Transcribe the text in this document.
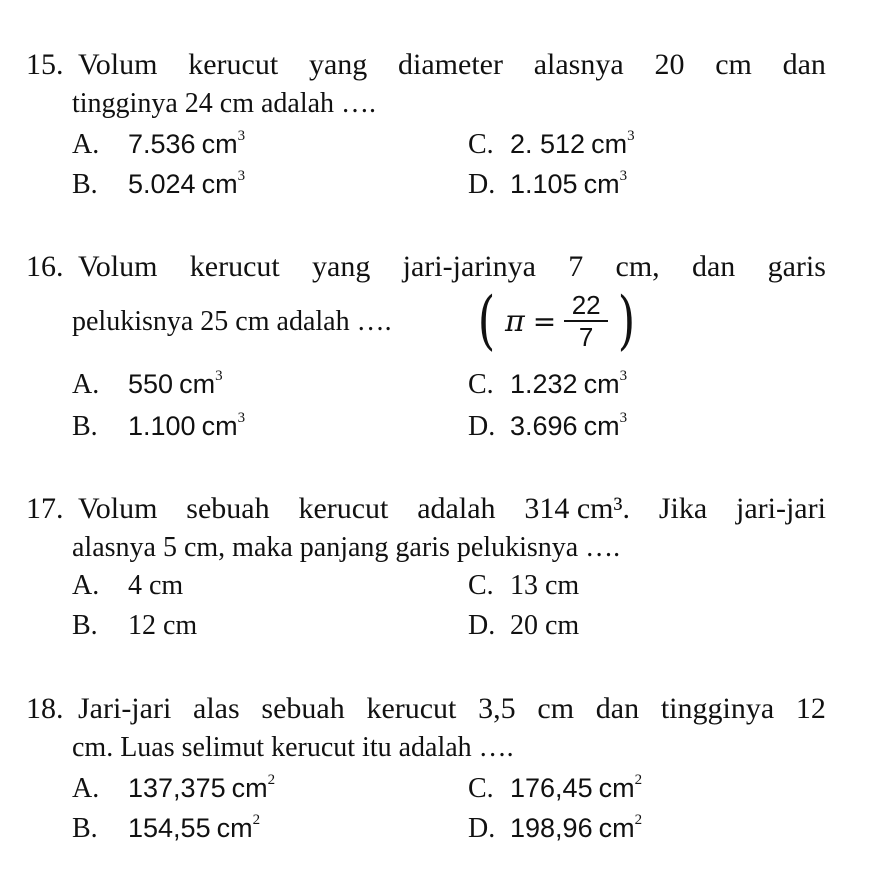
15. Volum kerucut yang diameter alasnya 20 cm dan
tingginya 24 cm adalah ….
A. 7.536 $cm^3$	C. 2. 512 $cm^3$
B. 5.024 $cm^3$	D. 1.105 $cm^3$
16. Volum kerucut yang jari-jarinya 7 cm, dan garis
pelukisnya 25 cm adalah …. ( $\pi = \frac{22}{7}$ )
A. 550 $cm^3$	C. 1.232 $cm^3$
B. 1.100 $cm^3$	D. 3.696 $cm^3$
17. Volum sebuah kerucut adalah 314 cm³. Jika jari-jari
alasnya 5 cm, maka panjang garis pelukisnya ….
A. 4 cm	C. 13 cm
B. 12 cm	D. 20 cm
18. Jari-jari alas sebuah kerucut 3,5 cm dan tingginya 12
cm. Luas selimut kerucut itu adalah ….
A. 137,375 $cm^2$	C. 176,45 $cm^2$
B. 154,55 $cm^2$	D. 198,96 $cm^2$
